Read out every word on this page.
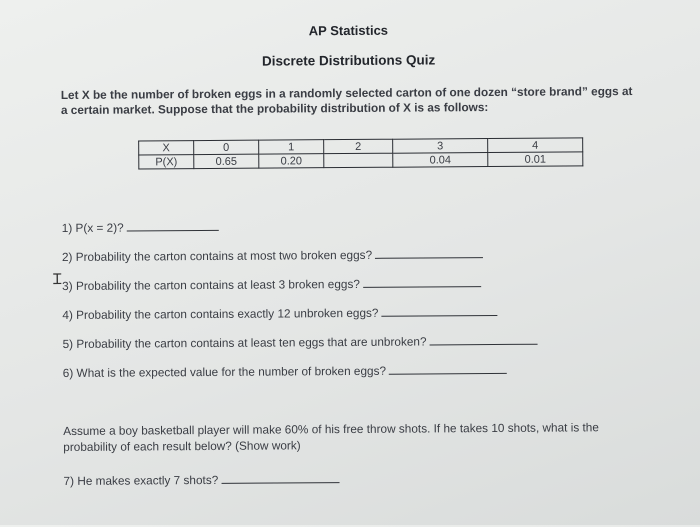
AP Statistics
Discrete Distributions Quiz
Let X be the number of broken eggs in a randomly selected carton of one dozen “store brand” eggs at a certain market. Suppose that the probability distribution of X is as follows:
X	0	1	2	3	4
P(X)	0.65	0.20		0.04	0.01
1) P(x = 2)?
2) Probability the carton contains at most two broken eggs?
Ɪ 3) Probability the carton contains at least 3 broken eggs?
4) Probability the carton contains exactly 12 unbroken eggs?
5) Probability the carton contains at least ten eggs that are unbroken?
6) What is the expected value for the number of broken eggs?
Assume a boy basketball player will make 60% of his free throw shots. If he takes 10 shots, what is the probability of each result below? (Show work)
7) He makes exactly 7 shots?
